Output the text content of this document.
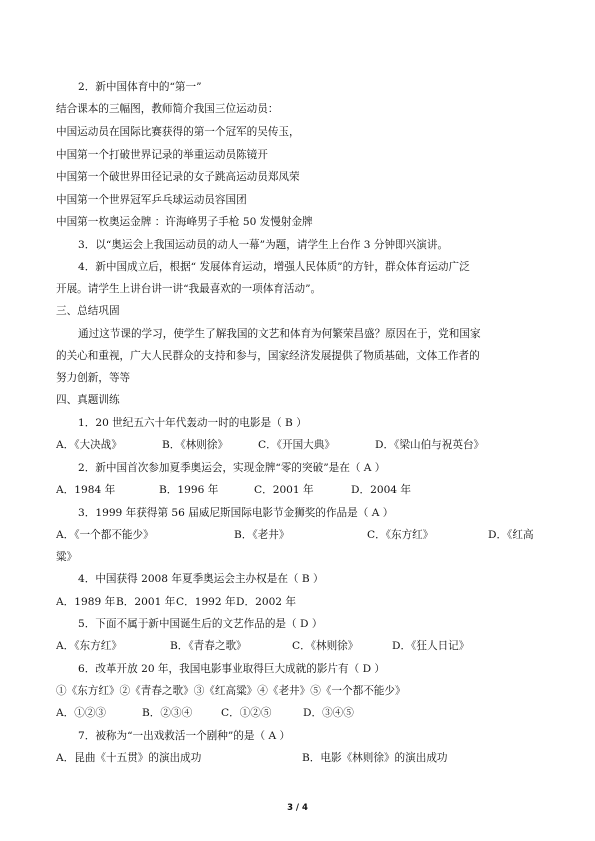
2．新中国体育中的“第一”
结合课本的三幅图，教师简介我国三位运动员：
中国运动员在国际比赛获得的第一个冠军的吴传玉，
中国第一个打破世界记录的举重运动员陈镜开
中国第一个破世界田径记录的女子跳高运动员郑凤荣
中国第一个世界冠军乒乓球运动员容国团
中国第一枚奥运金牌 ：许海峰男子手枪 50 发慢射金牌
3．以“奥运会上我国运动员的动人一幕”为题，请学生上台作 3 分钟即兴演讲。
4．新中国成立后，根据“ 发展体育运动，增强人民体质”的方针，群众体育运动广泛
开展。请学生上讲台讲一讲“我最喜欢的一项体育活动”。
三、总结巩固
通过这节课的学习，使学生了解我国的文艺和体育为何繁荣昌盛？原因在于，党和国家
的关心和重视，广大人民群众的支持和参与，国家经济发展提供了物质基础，文体工作者的
努力创新，等等
四、真题训练
1．20 世纪五六十年代轰动一时的电影是（ B ）
A．《大决战》	B．《林则徐》	C．《开国大典》	D．《梁山伯与祝英台》
2．新中国首次参加夏季奥运会，实现金牌“零的突破”是在（ A ）
A．1984 年	B．1996 年	C．2001 年	D．2004 年
3．1999 年获得第 56 届威尼斯国际电影节金狮奖的作品是（ A ）
A．《一个都不能少》	B．《老井》	C．《东方红》	D．《红高
粱》
4．中国获得 2008 年夏季奥运会主办权是在（ B ）
A．1989 年 B．2001 年 C．1992 年 D．2002 年
5．下面不属于新中国诞生后的文艺作品的是（ D ）
A．《东方红》	B．《青春之歌》	C．《林则徐》	D．《狂人日记》
6．改革开放 20 年，我国电影事业取得巨大成就的影片有（ D ）
①《东方红》②《青春之歌》③《红高粱》④《老井》⑤《一个都不能少》
A．①②③	B．②③④	C．①②⑤	D．③④⑤
7．被称为“一出戏救活一个剧种”的是（ A ）
A．昆曲《十五贯》的演出成功	B．电影《林则徐》的演出成功
3 / 4
